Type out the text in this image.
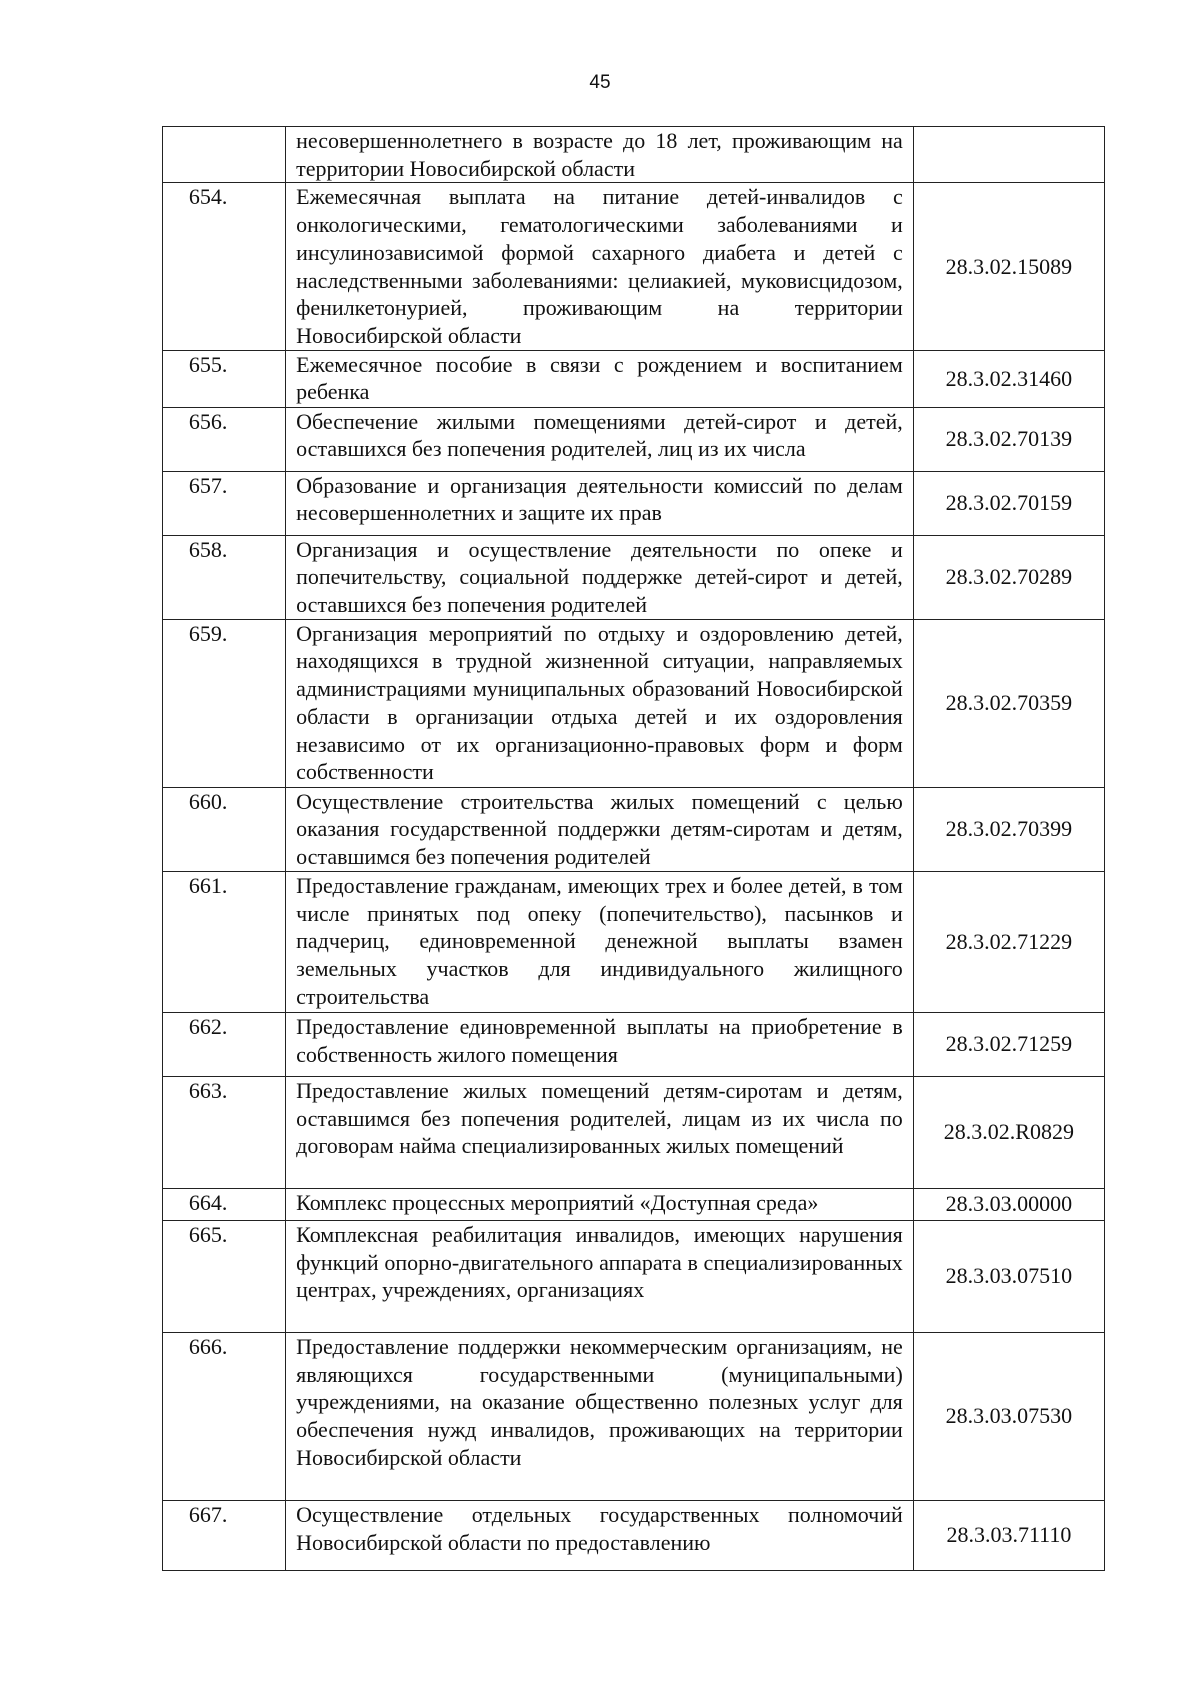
45
	несовершеннолетнего в возрасте до 18 лет, проживающим на территории Новосибирской области	

654.	Ежемесячная выплата на питание детей-инвалидов с онкологическими, гематологическими заболеваниями и инсулинозависимой формой сахарного диабета и детей с наследственными заболеваниями: целиакией, муковисцидозом, фенилкетонурией, проживающим на территории Новосибирской области	28.3.02.15089

655.	Ежемесячное пособие в связи с рождением и воспитанием ребенка	28.3.02.31460

656.	Обеспечение жилыми помещениями детей-сирот и детей, оставшихся без попечения родителей, лиц из их числа	28.3.02.70139

657.	Образование и организация деятельности комиссий по делам несовершеннолетних и защите их прав	28.3.02.70159

658.	Организация и осуществление деятельности по опеке и попечительству, социальной поддержке детей-сирот и детей, оставшихся без попечения родителей	28.3.02.70289

659.	Организация мероприятий по отдыху и оздоровлению детей, находящихся в трудной жизненной ситуации, направляемых администрациями муниципальных образований Новосибирской области в организации отдыха детей и их оздоровления независимо от их организационно-правовых форм и форм собственности	28.3.02.70359

660.	Осуществление строительства жилых помещений с целью оказания государственной поддержки детям-сиротам и детям, оставшимся без попечения родителей	28.3.02.70399

661.	Предоставление гражданам, имеющих трех и более детей, в том числе принятых под опеку (попечительство), пасынков и падчериц, единовременной денежной выплаты взамен земельных участков для индивидуального жилищного строительства	28.3.02.71229

662.	Предоставление единовременной выплаты на приобретение в собственность жилого помещения	28.3.02.71259

663.	Предоставление жилых помещений детям-сиротам и детям, оставшимся без попечения родителей, лицам из их числа по договорам найма специализированных жилых помещений	28.3.02.R0829

664.	Комплекс процессных мероприятий «Доступная среда»	28.3.03.00000

665.	Комплексная реабилитация инвалидов, имеющих нарушения функций опорно-двигательного аппарата в специализированных центрах, учреждениях, организациях	28.3.03.07510

666.	Предоставление поддержки некоммерческим организациям, не являющихся государственными (муниципальными) учреждениями, на оказание общественно полезных услуг для обеспечения нужд инвалидов, проживающих на территории Новосибирской области	28.3.03.07530

667.	Осуществление отдельных государственных полномочий Новосибирской области по предоставлению	28.3.03.71110
